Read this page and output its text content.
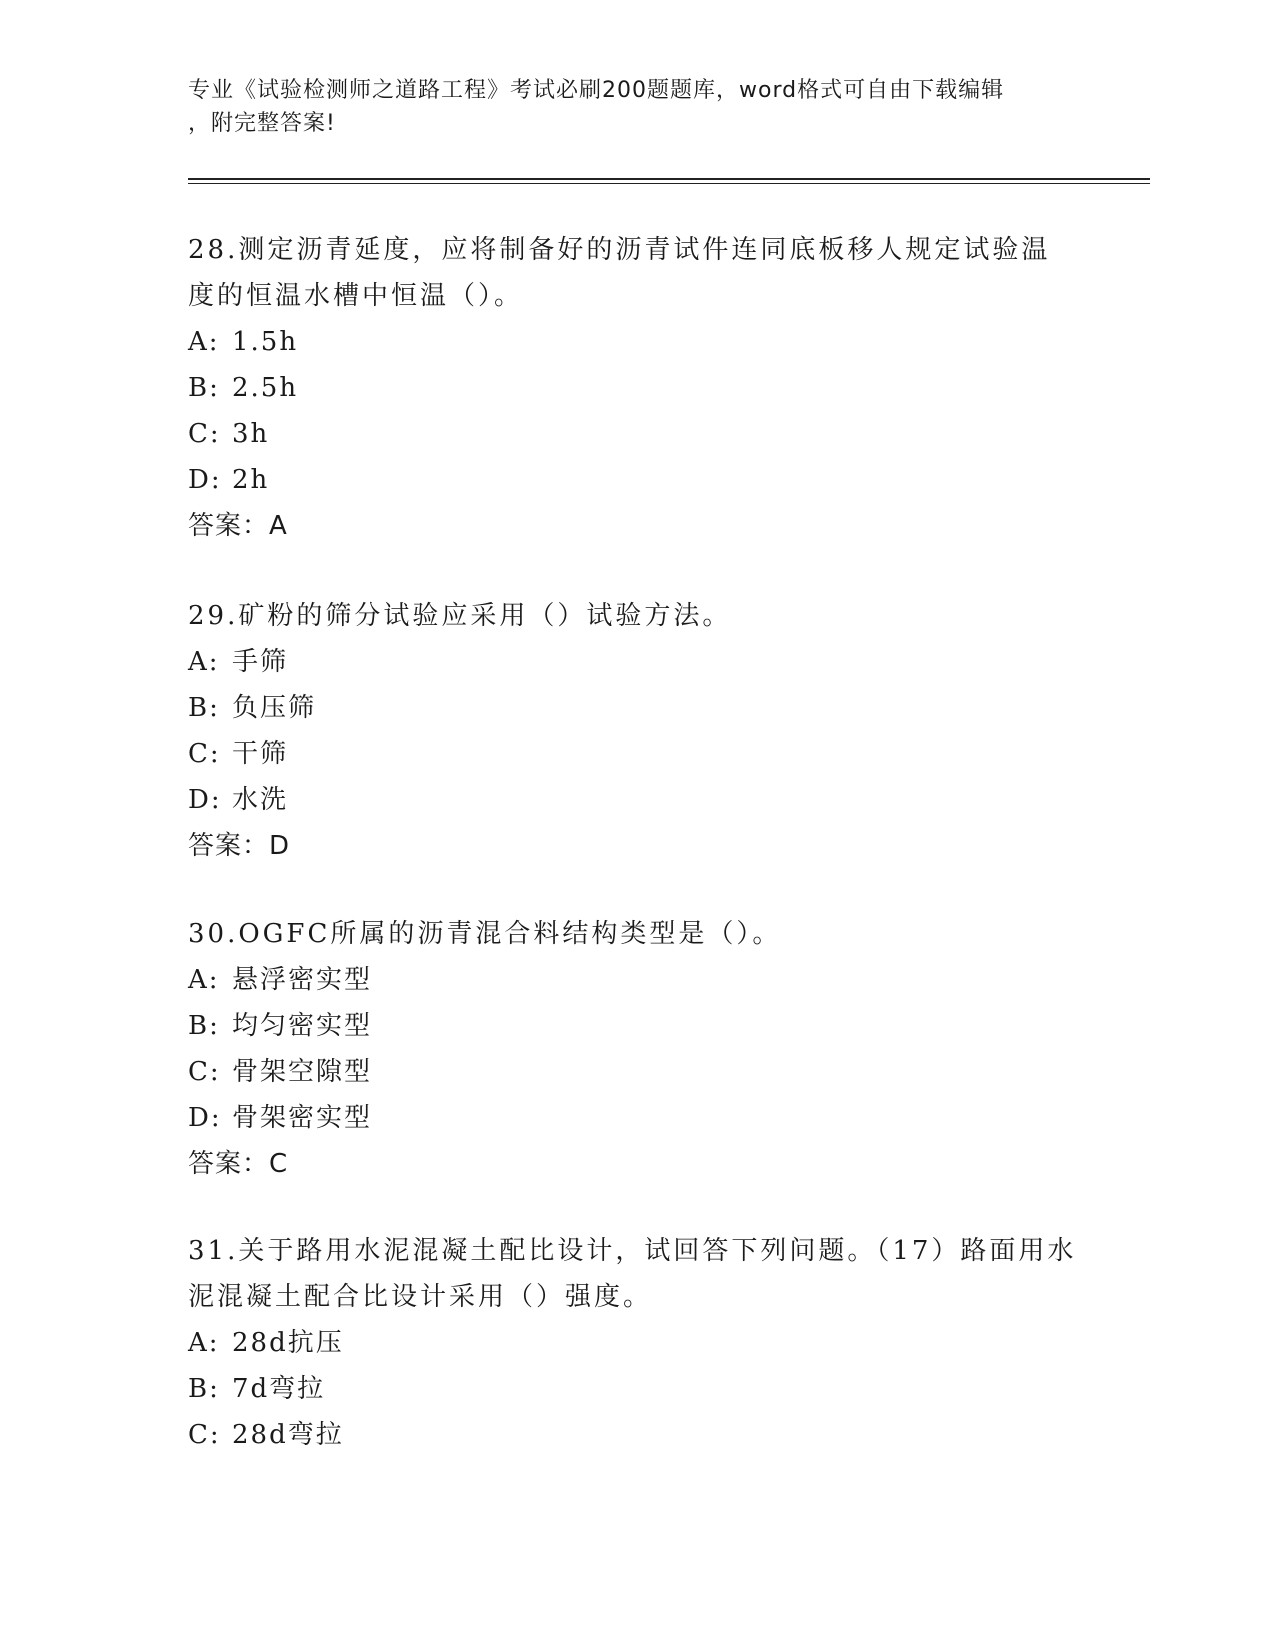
专业《试验检测师之道路工程》考试必刷200题题库，word格式可自由下载编辑
，附完整答案!

28.测定沥青延度，应将制备好的沥青试件连同底板移人规定试验温度的恒温水槽中恒温（）。

A: 1.5h

B: 2.5h

C: 3h

D: 2h

答案：A

29.矿粉的筛分试验应采用（）试验方法。

A: 手筛

B: 负压筛

C: 干筛

D: 水洗

答案：D

30.OGFC所属的沥青混合料结构类型是（）。

A: 悬浮密实型

B: 均匀密实型

C: 骨架空隙型

D: 骨架密实型

答案：C

31.关于路用水泥混凝土配比设计，试回答下列问题。（17）路面用水泥混凝土配合比设计采用（）强度。

A: 28d抗压

B: 7d弯拉

C: 28d弯拉
